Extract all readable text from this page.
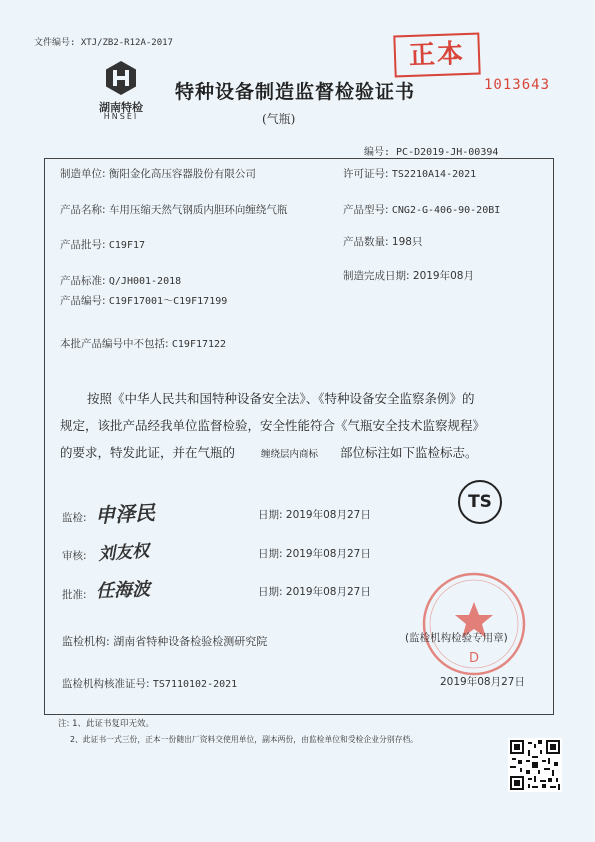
文件编号: XTJ/ZB2-R12A-2017
湖南特检
HNSEI
特种设备制造监督检验证书
(气瓶)
正本
1013643
编号: PC-D2019-JH-00394
制造单位: 衡阳金化高压容器股份有限公司	许可证号: TS2210A14-2021
产品名称: 车用压缩天然气钢质内胆环向缠绕气瓶	产品型号: CNG2-G-406-90-20BI
产品批号: C19F17	产品数量: 198只
产品标准: Q/JH001-2018	制造完成日期: 2019年08月
产品编号: C19F17001～C19F17199
本批产品编号中不包括: C19F17122
按照《中华人民共和国特种设备安全法》、《特种设备安全监察条例》的
规定，该批产品经我单位监督检验，安全性能符合《气瓶安全技术监察规程》
的要求，特发此证，并在气瓶的	缠绕层内商标 部位标注如下监检标志。
TS
监检: 申泽民	日期: 2019年08月27日
审核: 刘友权	日期: 2019年08月27日
批准: 任海波	日期: 2019年08月27日
D
监检机构: 湖南省特种设备检验检测研究院	(监检机构检验专用章)
监检机构核准证号: TS7110102-2021	2019年08月27日
注: 1、此证书复印无效。
2、此证书一式三份，正本一份随出厂资料交使用单位，副本两份，由监检单位和受检企业分别存档。
